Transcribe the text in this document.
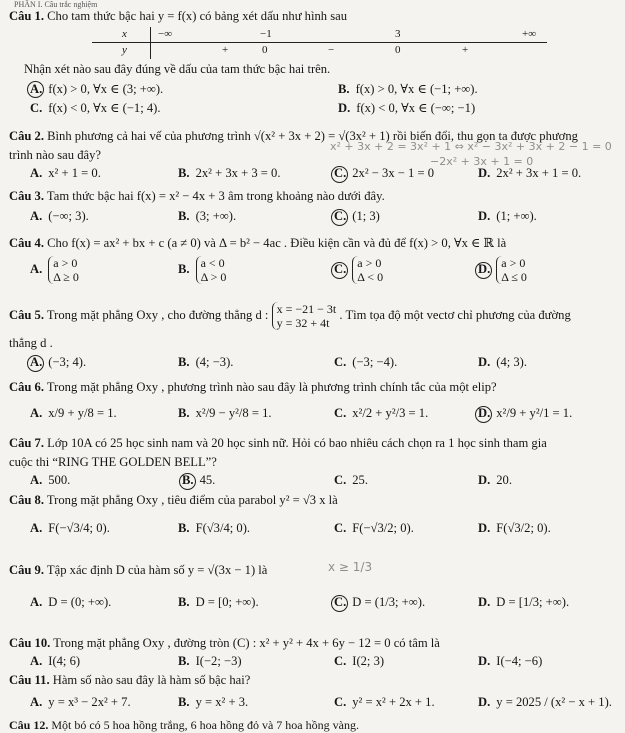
PHẦN I. Câu trắc nghiệm
Câu 1. Cho tam thức bậc hai y = f(x) có bảng xét dấu như hình sau
x	−∞	−1	3	+∞
y	+	0	−	0	+
Nhận xét nào sau đây đúng về dấu của tam thức bậc hai trên.
A. f(x) > 0, ∀x ∈ (3; +∞).	B. f(x) > 0, ∀x ∈ (−1; +∞).
C. f(x) < 0, ∀x ∈ (−1; 4).	D. f(x) < 0, ∀x ∈ (−∞; −1)
Câu 2. Bình phương cả hai vế của phương trình √(x² + 3x + 2) = √(3x² + 1) rồi biến đổi, thu gọn ta được phương
trình nào sau đây?
x² + 3x + 2 = 3x² + 1 ⇔ x² − 3x² + 3x + 2 − 1 = 0
−2x² + 3x + 1 = 0
A. x² + 1 = 0.	B. 2x² + 3x + 3 = 0.	C. 2x² − 3x − 1 = 0	D. 2x² + 3x + 1 = 0.
Câu 3. Tam thức bậc hai f(x) = x² − 4x + 3 âm trong khoảng nào dưới đây.
A. (−∞; 3).	B. (3; +∞).	C. (1; 3)	D. (1; +∞).
Câu 4. Cho f(x) = ax² + bx + c (a ≠ 0) và Δ = b² − 4ac . Điều kiện cần và đủ để f(x) > 0, ∀x ∈ ℝ là
A. a > 0
Δ ≥ 0
B. a < 0
Δ > 0
C. a > 0
Δ < 0
D. a > 0
Δ ≤ 0
Câu 5. Trong mặt phẳng Oxy , cho đường thẳng d : x = −21 − 3t
y = 32 + 4t . Tìm tọa độ một vectơ chỉ phương của đường
thẳng d .
A. (−3; 4).	B. (4; −3).	C. (−3; −4).	D. (4; 3).
Câu 6. Trong mặt phẳng Oxy , phương trình nào sau đây là phương trình chính tắc của một elip?
A. x/9 + y/8 = 1.	B. x²/9 − y²/8 = 1.	C. x²/2 + y²/3 = 1.	D. x²/9 + y²/1 = 1.
Câu 7. Lớp 10A có 25 học sinh nam và 20 học sinh nữ. Hỏi có bao nhiêu cách chọn ra 1 học sinh tham gia
cuộc thi “RING THE GOLDEN BELL”?
A. 500.	B. 45.	C. 25.	D. 20.
Câu 8. Trong mặt phẳng Oxy , tiêu điểm của parabol y² = √3 x là
A. F(−√3/4; 0).	B. F(√3/4; 0).	C. F(−√3/2; 0).	D. F(√3/2; 0).
Câu 9. Tập xác định D của hàm số y = √(3x − 1) là	x ≥ 1/3
A. D = (0; +∞).	B. D = [0; +∞).	C. D = (1/3; +∞).	D. D = [1/3; +∞).
Câu 10. Trong mặt phẳng Oxy , đường tròn (C) : x² + y² + 4x + 6y − 12 = 0 có tâm là
A. I(4; 6)	B. I(−2; −3)	C. I(2; 3)	D. I(−4; −6)
Câu 11. Hàm số nào sau đây là hàm số bậc hai?
A. y = x³ − 2x² + 7.	B. y = x² + 3.	C. y² = x² + 2x + 1.	D. y = 2025 / (x² − x + 1).
Câu 12. Một bó có 5 hoa hồng trắng, 6 hoa hồng đỏ và 7 hoa hồng vàng.
